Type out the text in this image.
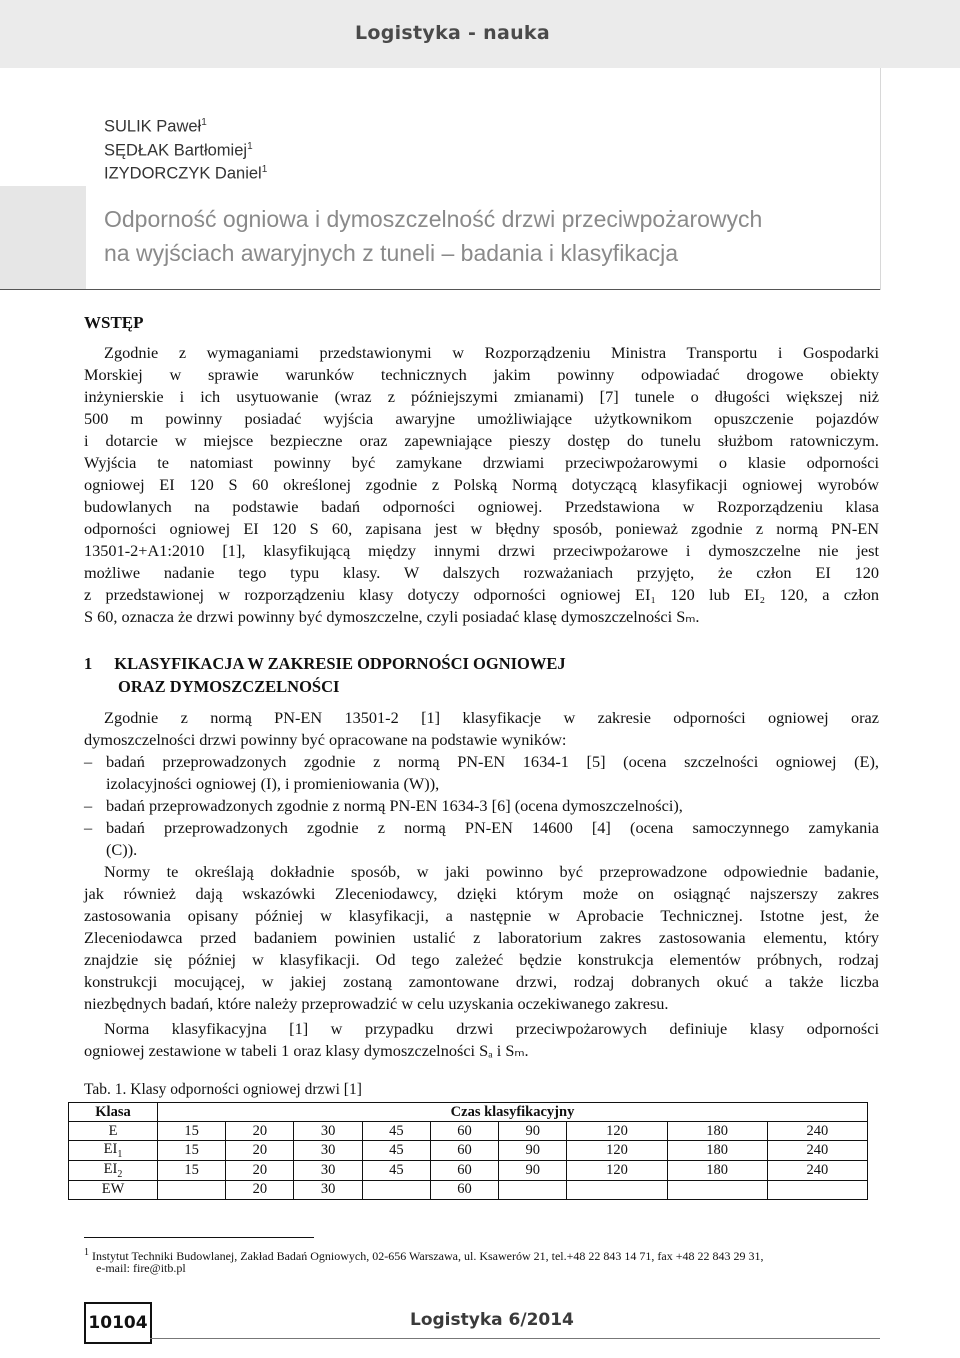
Logistyka - nauka
SULIK Paweł$^1$
SĘDŁAK Bartłomiej$^1$
IZYDORCZYK Daniel$^1$
Odporność ogniowa i dymoszczelność drzwi przeciwpożarowych
na wyjściach awaryjnych z tuneli – badania i klasyfikacja
WSTĘP
Zgodnie z wymaganiami przedstawionymi w Rozporządzeniu Ministra Transportu i Gospodarki
Morskiej w sprawie warunków technicznych jakim powinny odpowiadać drogowe obiekty
inżynierskie i ich usytuowanie (wraz z późniejszymi zmianami) [7] tunele o długości większej niż
500 m powinny posiadać wyjścia awaryjne umożliwiające użytkownikom opuszczenie pojazdów
i dotarcie w miejsce bezpieczne oraz zapewniające pieszy dostęp do tunelu służbom ratowniczym.
Wyjścia te natomiast powinny być zamykane drzwiami przeciwpożarowymi o klasie odporności
ogniowej EI 120 S 60 określonej zgodnie z Polską Normą dotyczącą klasyfikacji ogniowej wyrobów
budowlanych na podstawie badań odporności ogniowej. Przedstawiona w Rozporządzeniu klasa
odporności ogniowej EI 120 S 60, zapisana jest w błędny sposób, ponieważ zgodnie z normą PN-EN
13501-2+A1:2010 [1], klasyfikującą między innymi drzwi przeciwpożarowe i dymoszczelne nie jest
możliwe nadanie tego typu klasy. W dalszych rozważaniach przyjęto, że człon EI 120
z przedstawionej w rozporządzeniu klasy dotyczy odporności ogniowej EI₁ 120 lub EI₂ 120, a człon
S 60, oznacza że drzwi powinny być dymoszczelne, czyli posiadać klasę dymoszczelności Sₘ.
1 KLASYFIKACJA W ZAKRESIE ODPORNOŚCI OGNIOWEJ
ORAZ DYMOSZCZELNOŚCI
Zgodnie z normą PN-EN 13501-2 [1] klasyfikacje w zakresie odporności ogniowej oraz
dymoszczelności drzwi powinny być opracowane na podstawie wyników:
– badań przeprowadzonych zgodnie z normą PN-EN 1634-1 [5] (ocena szczelności ogniowej (E),
izolacyjności ogniowej (I), i promieniowania (W)),
– badań przeprowadzonych zgodnie z normą PN-EN 1634-3 [6] (ocena dymoszczelności),
– badań przeprowadzonych zgodnie z normą PN-EN 14600 [4] (ocena samoczynnego zamykania
(C)).
Normy te określają dokładnie sposób, w jaki powinno być przeprowadzone odpowiednie badanie,
jak również dają wskazówki Zleceniodawcy, dzięki którym może on osiągnąć najszerszy zakres
zastosowania opisany później w klasyfikacji, a następnie w Aprobacie Technicznej. Istotne jest, że
Zleceniodawca przed badaniem powinien ustalić z laboratorium zakres zastosowania elementu, który
znajdzie się później w klasyfikacji. Od tego zależeć będzie konstrukcja elementów próbnych, rodzaj
konstrukcji mocującej, w jakiej zostaną zamontowane drzwi, rodzaj dobranych okuć a także liczba
niezbędnych badań, które należy przeprowadzić w celu uzyskania oczekiwanego zakresu.
Norma klasyfikacyjna [1] w przypadku drzwi przeciwpożarowych definiuje klasy odporności
ogniowej zestawione w tabeli 1 oraz klasy dymoszczelności Sₐ i Sₘ.
Tab. 1. Klasy odporności ogniowej drzwi [1]
Klasa	Czas klasyfikacyjny								
E	15	20	30	45	60	90	120	180	240
$EI_1$	15	20	30	45	60	90	120	180	240
$EI_2$	15	20	30	45	60	90	120	180	240
EW		20	30		60				
$^1$ Instytut Techniki Budowlanej, Zakład Badań Ogniowych, 02-656 Warszawa, ul. Ksawerów 21, tel.+48 22 843 14 71, fax +48 22 843 29 31,
e-mail: fire@itb.pl
10104	Logistyka 6/2014
